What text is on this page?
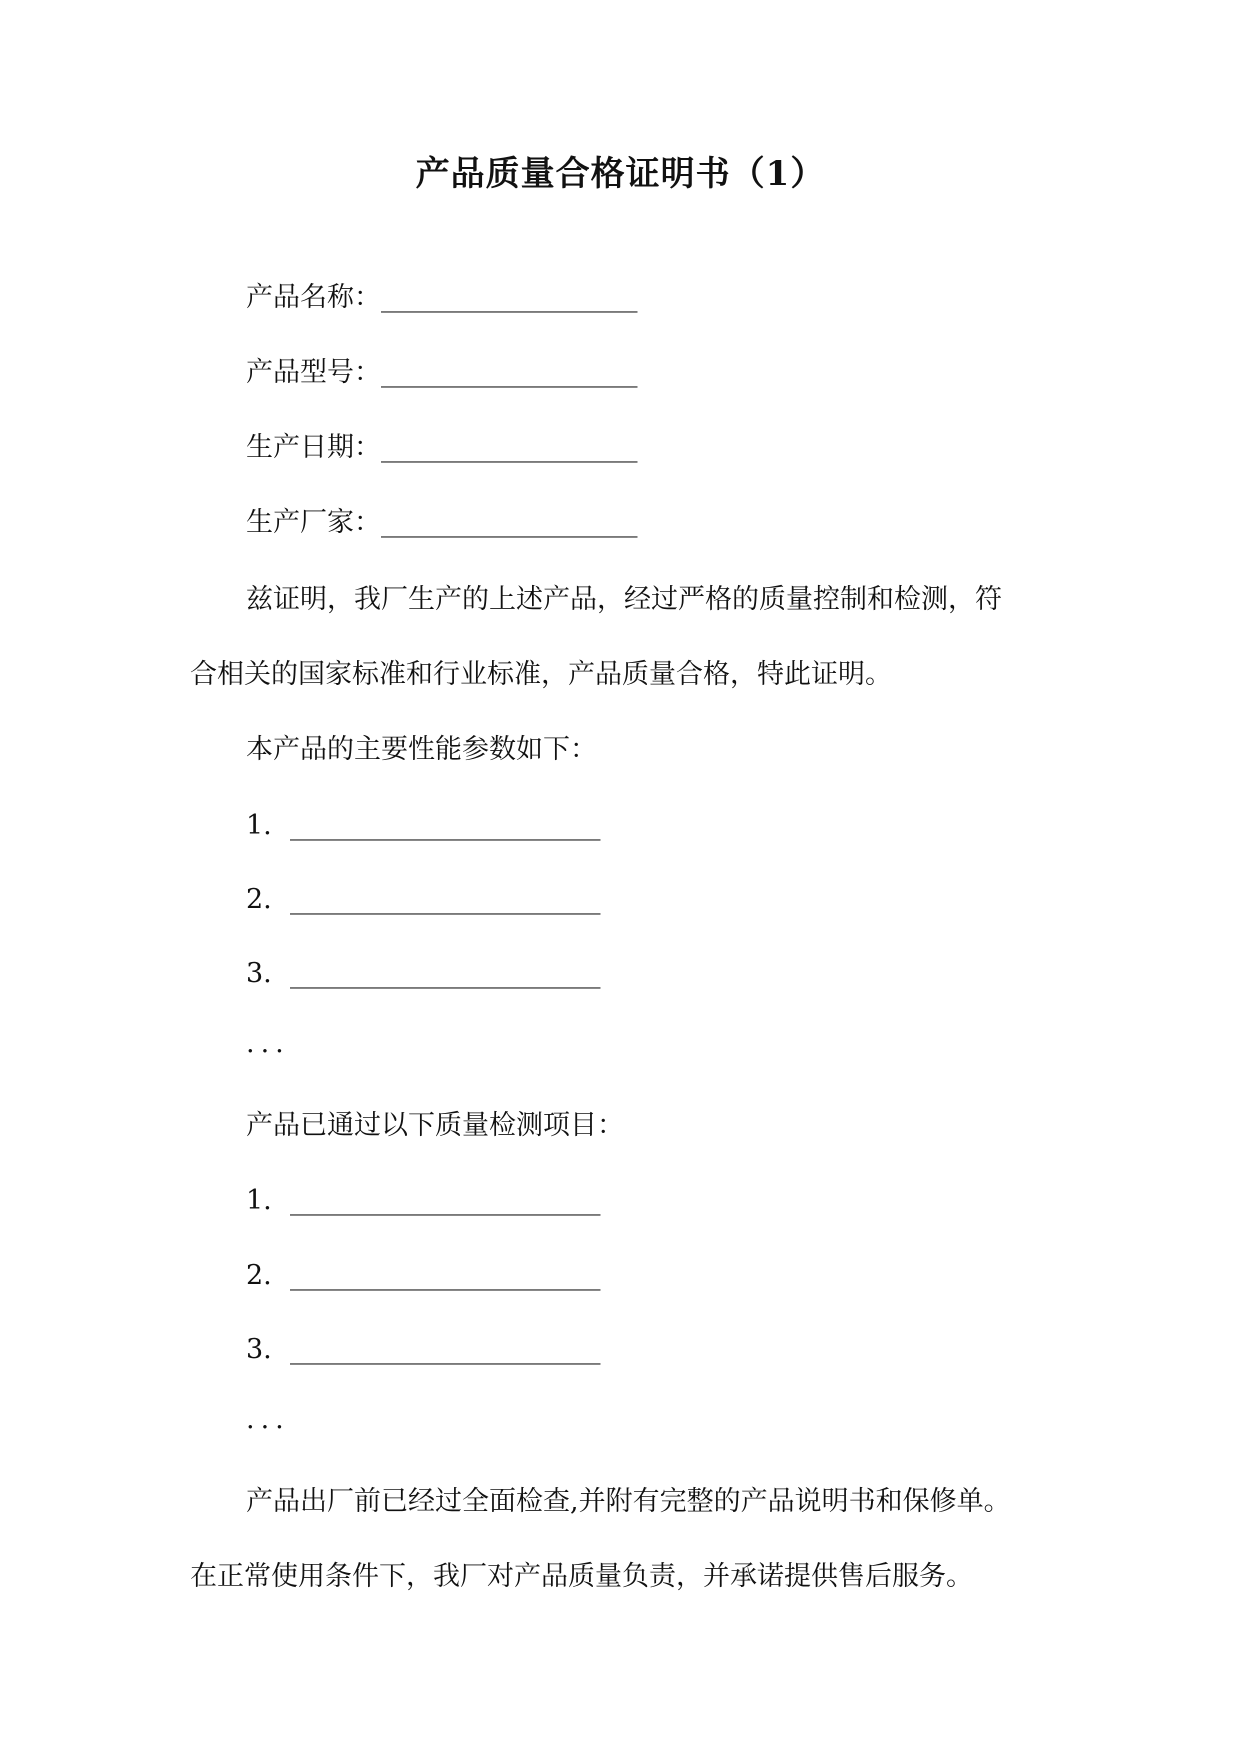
产品质量合格证明书（1）
产品名称：___________________
产品型号：___________________
生产日期：___________________
生产厂家：___________________
兹证明，我厂生产的上述产品，经过严格的质量控制和检测，符
合相关的国家标准和行业标准，产品质量合格，特此证明。
本产品的主要性能参数如下：
1. _______________________
2. _______________________
3. _______________________
...
产品已通过以下质量检测项目：
1. _______________________
2. _______________________
3. _______________________
...
产品出厂前已经过全面检查,并附有完整的产品说明书和保修单。
在正常使用条件下，我厂对产品质量负责，并承诺提供售后服务。
